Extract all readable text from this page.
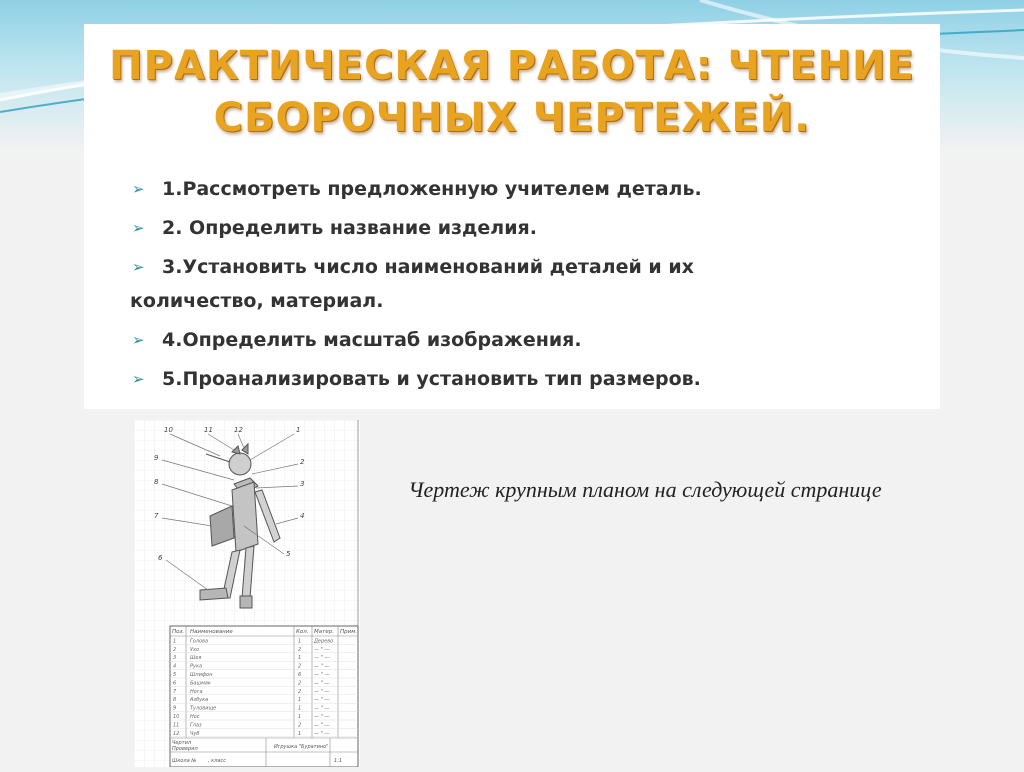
ПРАКТИЧЕСКАЯ РАБОТА: ЧТЕНИЕ СБОРОЧНЫХ ЧЕРТЕЖЕЙ.
➢ 1.Рассмотреть предложенную учителем деталь.
➢ 2. Определить название изделия.
➢ 3.Установить число наименований деталей и их
количество, материал.
➢ 4.Определить масштаб изображения.
➢ 5.Проанализировать и установить тип размеров.
10	11	12	1
2
3
4
5
6
7
8
9
Поз. Наименование	Кол. Матер. Прим.
1	Голова	1	Дерево
2	Ухо	2	— " —
3	Шея	1	— " —
4	Рука	2	— " —
5	Шпифон	6	— " —
6	Башмак	2	— " —
7	Нога	2	— " —
8	Азбука	1	— " —
9	Туловище	1	— " —
10 Нос	1	— " —
11 Глаз	2	— " —
12 Чуб	1	— " —
Чертил
Проверил	Игрушка "Буратино"
Школа № , класс	1:1

Чертеж крупным планом на следующей странице
